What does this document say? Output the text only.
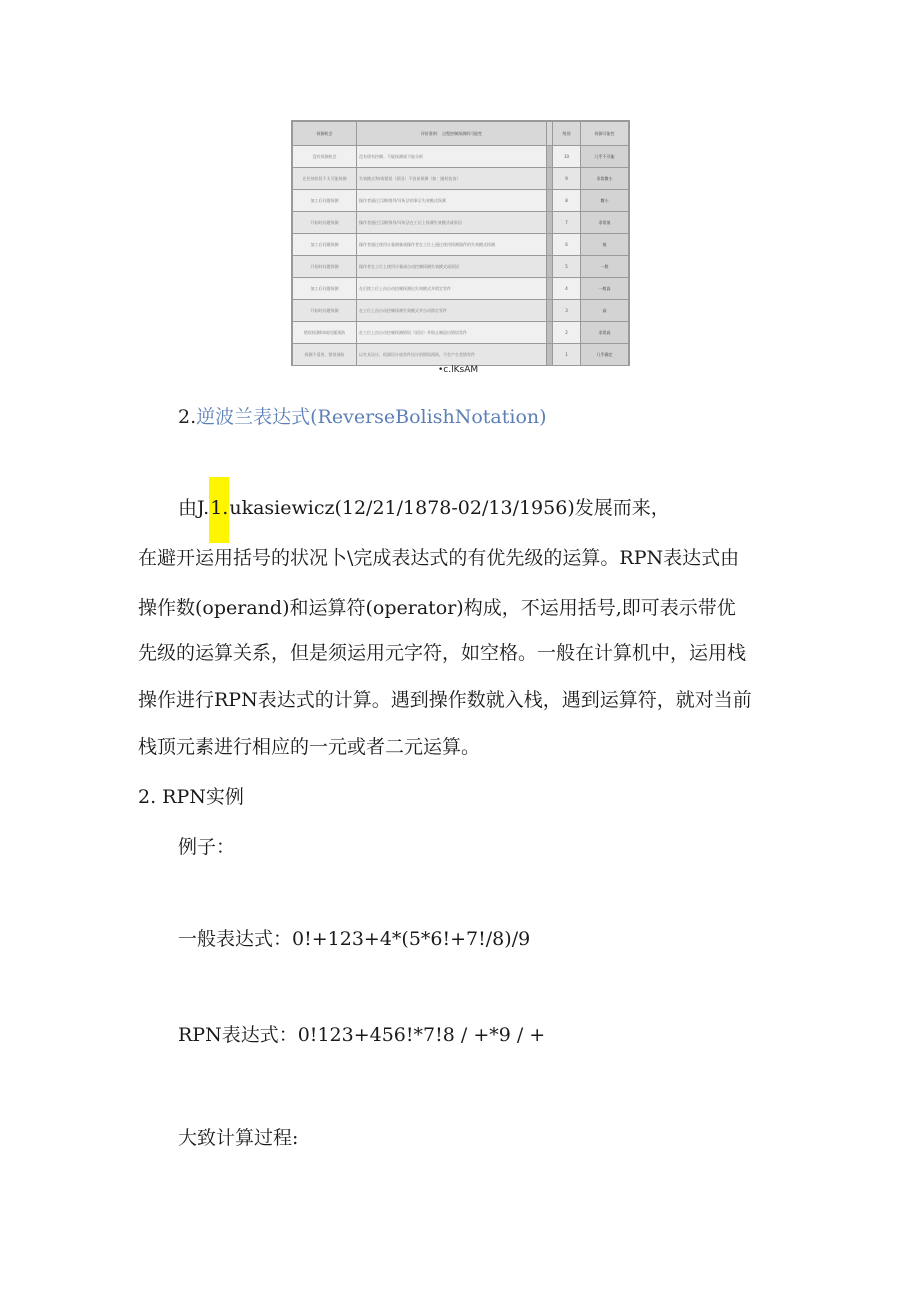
探测机会	评价准则： 过程控制探测的可能性		级别	探测可能性
没有探测机会	没有现有控制；不能探测或不能分析		10	几乎不可能
在任何阶段不太可能探测	失效模式和/或错误（原因）不容易探测（如：随机检查）		9	非常微小
加工后问题探测	操作者通过目测/排列/耳听法的事后失效模式探测		8	微小
开始时问题探测	操作者通过目测/排列/耳听法在工位上探测失效模式或原因		7	非常低
加工后问题探测	操作者通过使用计量测量或操作者在工位上通过使用探测器件的失效模式探测		6	低
开始时问题探测	操作者在工位上使用计量或自动控制探测失效模式或原因		5	一般
加工后问题探测	在后续工位上由自动控制探测出失效模式并锁定零件		4	一般高
开始时问题探测	在工位上由自动控制探测失效模式并自动锁定零件		3	高
错误探测和/或问题预防	在工位上由自动控制探测错误（原因）并防止制造出错误零件		2	非常高
探测不适用，错误预防	以夹具设计、机器设计或零件设计的错误预防，不会产生差错零件		1	几乎确定
•c.lKsAM
2.逆波兰表达式(ReverseBolishNotation)
由J.1.ukasiewicz(12/21/1878-02/13/1956)发展而来，
在避开运用括号的状况卜\完成表达式的有优先级的运算。RPN表达式由
操作数(operand)和运算符(operator)构成，不运用括号,即可表示带优
先级的运算关系，但是须运用元字符，如空格。一般在计算机中，运用栈
操作进行RPN表达式的计算。遇到操作数就入栈，遇到运算符，就对当前
栈顶元素进行相应的一元或者二元运算。
2. RPN实例
例子：
一般表达式：0!+123+4*(5*6!+7!/8)/9
RPN表达式：0!123+456!*7!8 / +*9 / +
大致计算过程:
